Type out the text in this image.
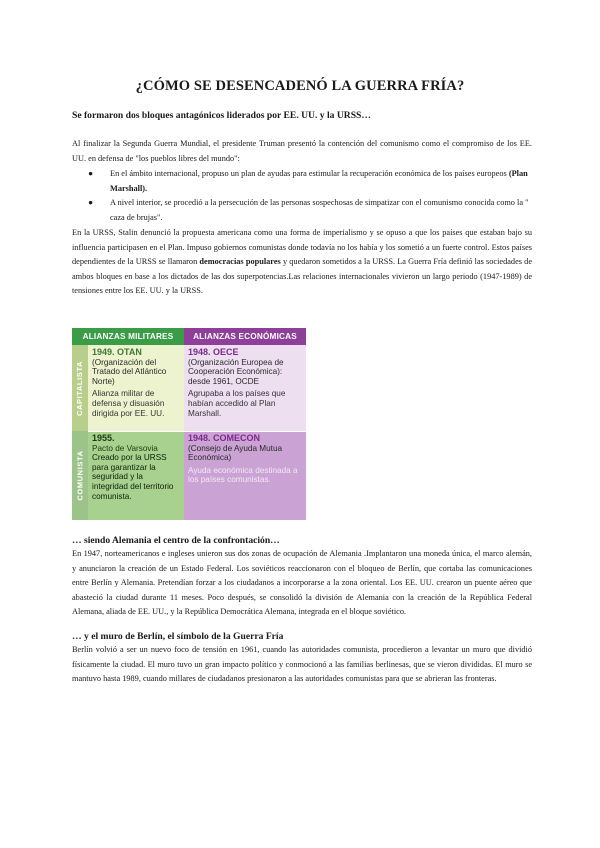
¿CÓMO SE DESENCADENÓ LA GUERRA FRÍA?
Se formaron dos bloques antagónicos liderados por EE. UU. y la URSS…
Al finalizar la Segunda Guerra Mundial, el presidente Truman presentó la contención del comunismo como el compromiso de los EE. UU. en defensa de "los pueblos libres del mundo":

● En el ámbito internacional, propuso un plan de ayudas para estimular la recuperación económica de los países europeos (Plan Marshall).

● A nivel interior, se procedió a la persecución de las personas sospechosas de simpatizar con el comunismo conocida como la " caza de brujas".

En la URSS, Stalin denunció la propuesta americana como una forma de imperialismo y se opuso a que los países que estaban bajo su influencia participasen en el Plan. Impuso gobiernos comunistas donde todavía no los había y los sometió a un fuerte control. Estos países dependientes de la URSS se llamaron democracias populares y quedaron sometidos a la URSS. La Guerra Fría definió las sociedades de ambos bloques en base a los dictados de las dos superpotencias.Las relaciones internacionales vivieron un largo periodo (1947-1989) de tensiones entre los EE. UU. y la URSS.
ALIANZAS MILITARES	ALIANZAS ECONÓMICAS
CAPITALISTA
COMUNISTA
1949. OTAN
(Organización del Tratado del Atlántico Norte)
Alianza militar de defensa y disuasión dirigida por EE. UU.
1948. OECE
(Organización Europea de Cooperación Económica): desde 1961, OCDE
Agrupaba a los países que habían accedido al Plan Marshall.
1955.
Pacto de Varsovia
Creado por la URSS para garantizar la seguridad y la integridad del territorio comunista.
1948. COMECON
(Consejo de Ayuda Mutua Económica)
Ayuda económica destinada a los países comunistas.
… siendo Alemania el centro de la confrontación…
En 1947, norteamericanos e ingleses unieron sus dos zonas de ocupación de Alemania .Implantaron una moneda única, el marco alemán, y anunciaron la creación de un Estado Federal. Los soviéticos reaccionaron con el bloqueo de Berlín, que cortaba las comunicaciones entre Berlín y Alemania. Pretendían forzar a los ciudadanos a incorporarse a la zona oriental. Los EE. UU. crearon un puente aéreo que abasteció la ciudad durante 11 meses. Poco después, se consolidó la división de Alemania con la creación de la República Federal Alemana, aliada de EE. UU., y la República Democrática Alemana, integrada en el bloque soviético.
… y el muro de Berlín, el símbolo de la Guerra Fría
Berlín volvió a ser un nuevo foco de tensión en 1961, cuando las autoridades comunista, procedieron a levantar un muro que dividió físicamente la ciudad. El muro tuvo un gran impacto político y conmocionó a las familias berlinesas, que se vieron divididas. El muro se mantuvo hasta 1989, cuando millares de ciudadanos presionaron a las autoridades comunistas para que se abrieran las fronteras.
